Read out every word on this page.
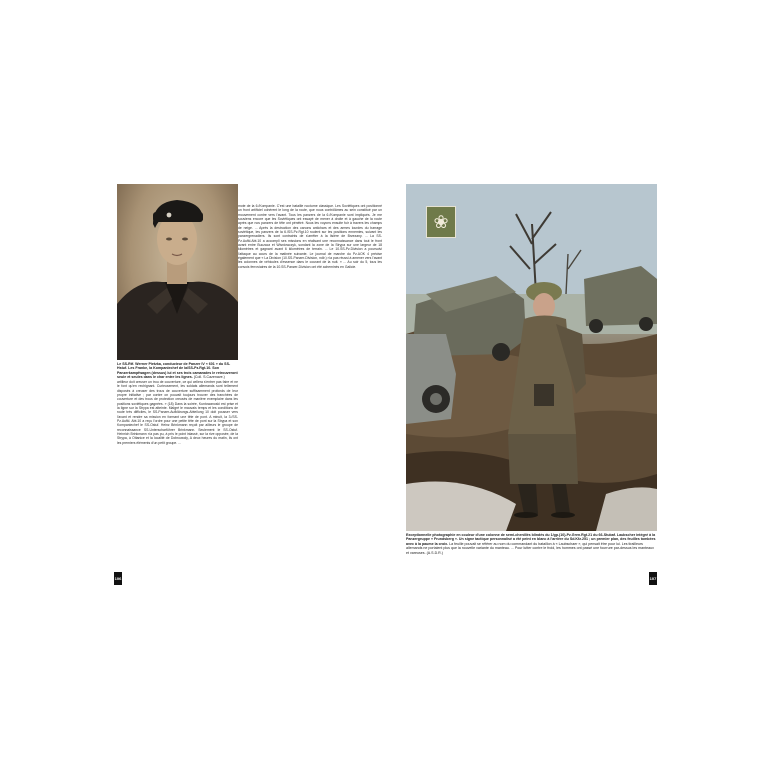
Le SS-Rtf. Werner Pietzka, conducteur de Panzer IV « 601 » du SS-Hstuf. Les Franke, la Kompaniechef de la/SS-Pz.Rgt.10. Son Panzerkampfwagen (dessus) lui et ses trois camarades le retrouveront seule et seules dans le char entre les lignes. (Coll. S.Cazenave.)
artilleur doit creuser un trou de couverture, ce qui cellera s'entrer pas faire et ne le font qu'en rechignant. Curieusement, les soldats allemands sont tellement disposés à creuser des trous de couverture suffisamment profonds de leur propre initiative ; par contre on pouvait toujours trouver des tranchées de couverture et des trous de protection creusés de manière exemplaire dans les positions soviétiques gagnées. » (18) Dans la soirée, Kuntowanoski est prise et la ligne sur la Strypa est atteinte. Malgré le mauvais temps et les conditions de route très difficiles, le SS-Panzer-Aufklärungs-Abteilung 10 doit pousser vers l'avant et rendre sa mission en formant une tête de pont. A minuit, la 3./SS-Pz.Aufkl. Abt.10 a reçu l'ordre pour une petite tête de pont sur la Strypa et son Kompaniechef le SS-Ostuf. Heinz Brinkmann reçoit par ailleurs le groupe de reconnaissance SS-Unterscharführer Brinkmann. Seulement le SS-Ostuf. Heinrich Brinkmann n'a pas pu, à pris le point inlassé, sur la rive opposée, de la Strypa, à Ottanice et la localité de Dobrowody, A deux heures du matin, ils ont les premiers éléments d'un petit groupe. ...
mote de la 6./Kompanie. C'est une bataille nocturne classique. Les Soviétiques ont positionné un front artificiel cohérent le long de la route, que nous contrôlâmes au sein constitué par un mouvement contre vers l'avant. Tous les panzers de la 6./Kompanie sont impliqués. Je me souviens encore que les Soviétiques ont essayé de mener à droite et à gauche de la route après que nos panzers de tête ont pénétré. Nous les voyons ensuite fuir à travers les champs de neige. ... Après la destruction des canons antichars et des armes lourdes du barrage soviétique, les panzers de la 6./SS-Pz.Rgt.10 roulent sur les positions ennemies, suivant les panzergrenadiers. Ils sont contraints de s'arrêter à la lisière de Brzezany. ... La SS-Pz.Aufkl.Abt.10 a accompli ses missions en réalisant une reconnaissance dans tout le front avant entre Buczacz et Wisniowczyk, sondant la zone de la Strypa sur une largeur de 18 kilomètres et gagnant avant 6 kilomètres de terrain. ... Le 10.SS-Pz.Division a poursuivi l'attaque au cours de la matinée suivante. Le journal de marche du Pz.AOK 4 précise également que « La Division (10.SS-Panzer-Division, ndlr.) n'a pas réussi à amener vers l'avant les colonnes de véhicules d'essence dans le courant de la nuit. » ... Au soir du 5, tous les convois ferroviaires de la 10.SS-Panzer-Division ont été acheminés en Galicie.
106
❀
Exceptionnelle photographie en couleur d'une colonne de semi-chenillés blindés du 1/gp.(10)-Pz.Gren.Rgt.21 du 66-Stubaf. Laubscher intégré à la Panzergruppe « Frundsberg ». Un signe tactique personnalisé a été peint en blanc à l'arrière du Sd.Kfz.251 ; un premier plan, des feuilles tombées avec à la paume la croix. La feuille pouvait se référer au nom du commandant du bataillon à « Laubschaer », qui pensait être pour lui. Les tirailleurs allemands ne portaient plus que la nouvelle variante du manteau. ... Pour lutter contre le froid, les hommes ont passé une fourrure par-dessus les manteaux et vareuses. (A.S.D.R.)
107
